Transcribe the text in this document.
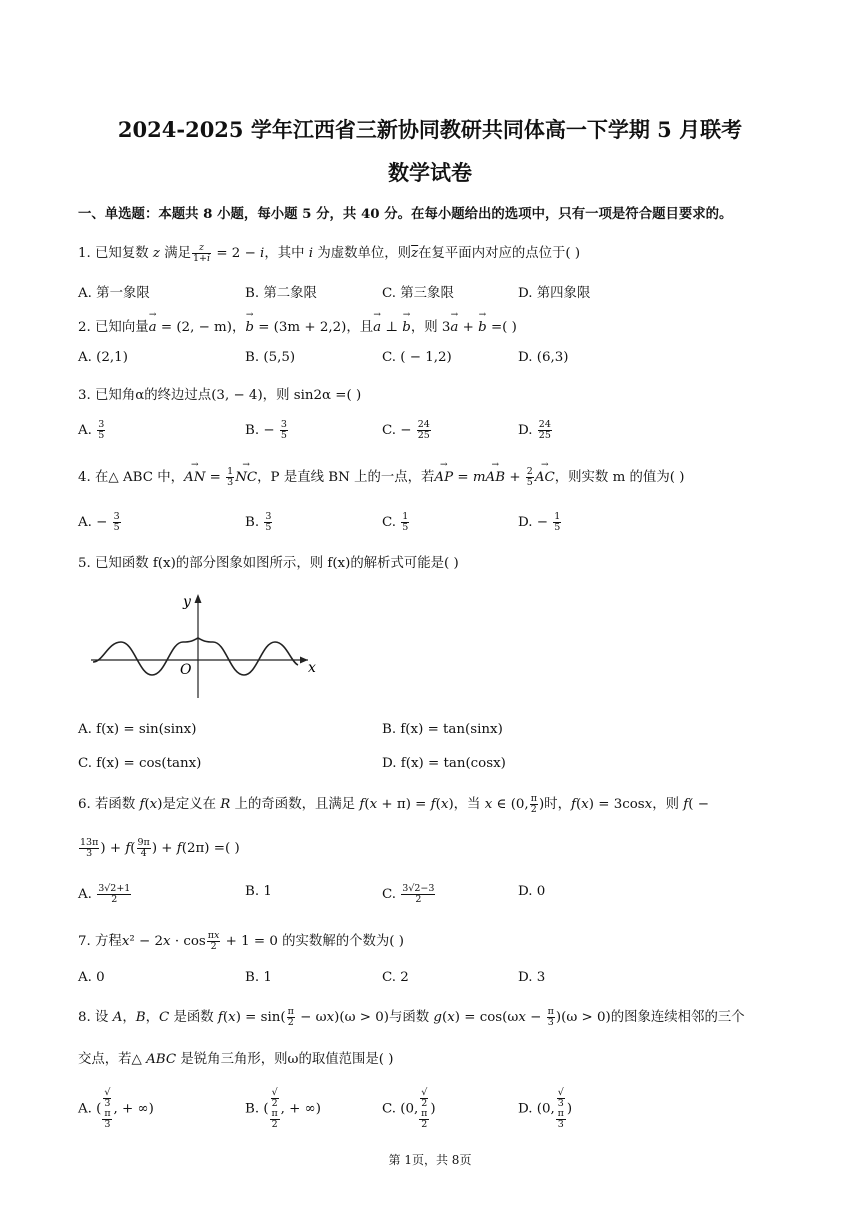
2024-2025 学年江西省三新协同教研共同体高一下学期 5 月联考
数学试卷
一、单选题：本题共 8 小题，每小题 5 分，共 40 分。在每小题给出的选项中，只有一项是符合题目要求的。
1. 已知复数 z 满足 $\frac{z}{1+i} = 2 - i$，其中 i 为虚数单位，则$\overline{z}$在复平面内对应的点位于( )
A. 第一象限	B. 第二象限	C. 第三象限	D. 第四象限
2. 已知向量→ a = (2, − m)，→ b = (3m + 2,2)，且→ a ⊥ → b，则 3→ a + → b =( )
A. (2,1)	B. (5,5)	C. ( − 1,2)	D. (6,3)
3. 已知角α的终边过点(3, − 4)，则 sin2α =( )
A. $\frac{3}{5}$	B. − $\frac{3}{5}$	C. − $\frac{24}{25}$	D. $\frac{24}{25}$
4. 在△ ABC 中，→ AN = $\frac{1}{3}$ → NC，P 是直线 BN 上的一点，若→ AP = m→ AB + $\frac{2}{5}$ → AC，则实数 m 的值为( )
A. − $\frac{3}{5}$	B. $\frac{3}{5}$	C. $\frac{1}{5}$	D. − $\frac{1}{5}$
5. 已知函数 f(x)的部分图象如图所示，则 f(x)的解析式可能是( )
y
x
O
A. f(x) = sin(sinx)	B. f(x) = tan(sinx)
C. f(x) = cos(tanx)	D. f(x) = tan(cosx)
6. 若函数 f(x)是定义在 R 上的奇函数，且满足 f(x + π) = f(x)，当 x ∈ (0, $\frac{\pi}{2}$ )时，f(x) = 3cosx，则 f( −
$\frac{13\pi}{3}$ ) + $f( \frac{9\pi}{4}$ ) + f(2π) =( )
A. $\frac{3√2+1}{2}$	B. 1	C. $\frac{3√2-3}{2}$	D. 0
7. 方程$x^2 - 2x \cdot \cos \frac{\pi x}{2} + 1 = 0$ 的实数解的个数为( )
A. 0	B. 1	C. 2	D. 3
8. 设 A，B，C 是函数 $f(x) = \sin( \frac{\pi}{2} - \omega x)(\omega > 0)$与函数 $g(x) = \cos(\omega x - \frac{\pi}{3} )(\omega > 0)$的图象连续相邻的三个
交点，若△ ABC 是锐角三角形，则ω的取值范围是( )
A. ( √
3
π
3 , + ∞)	B. ( √
2
π
2 , + ∞)	C. (0, √
2
π
2 )	D. (0, √
3
π
3 )
第 1页，共 8页
